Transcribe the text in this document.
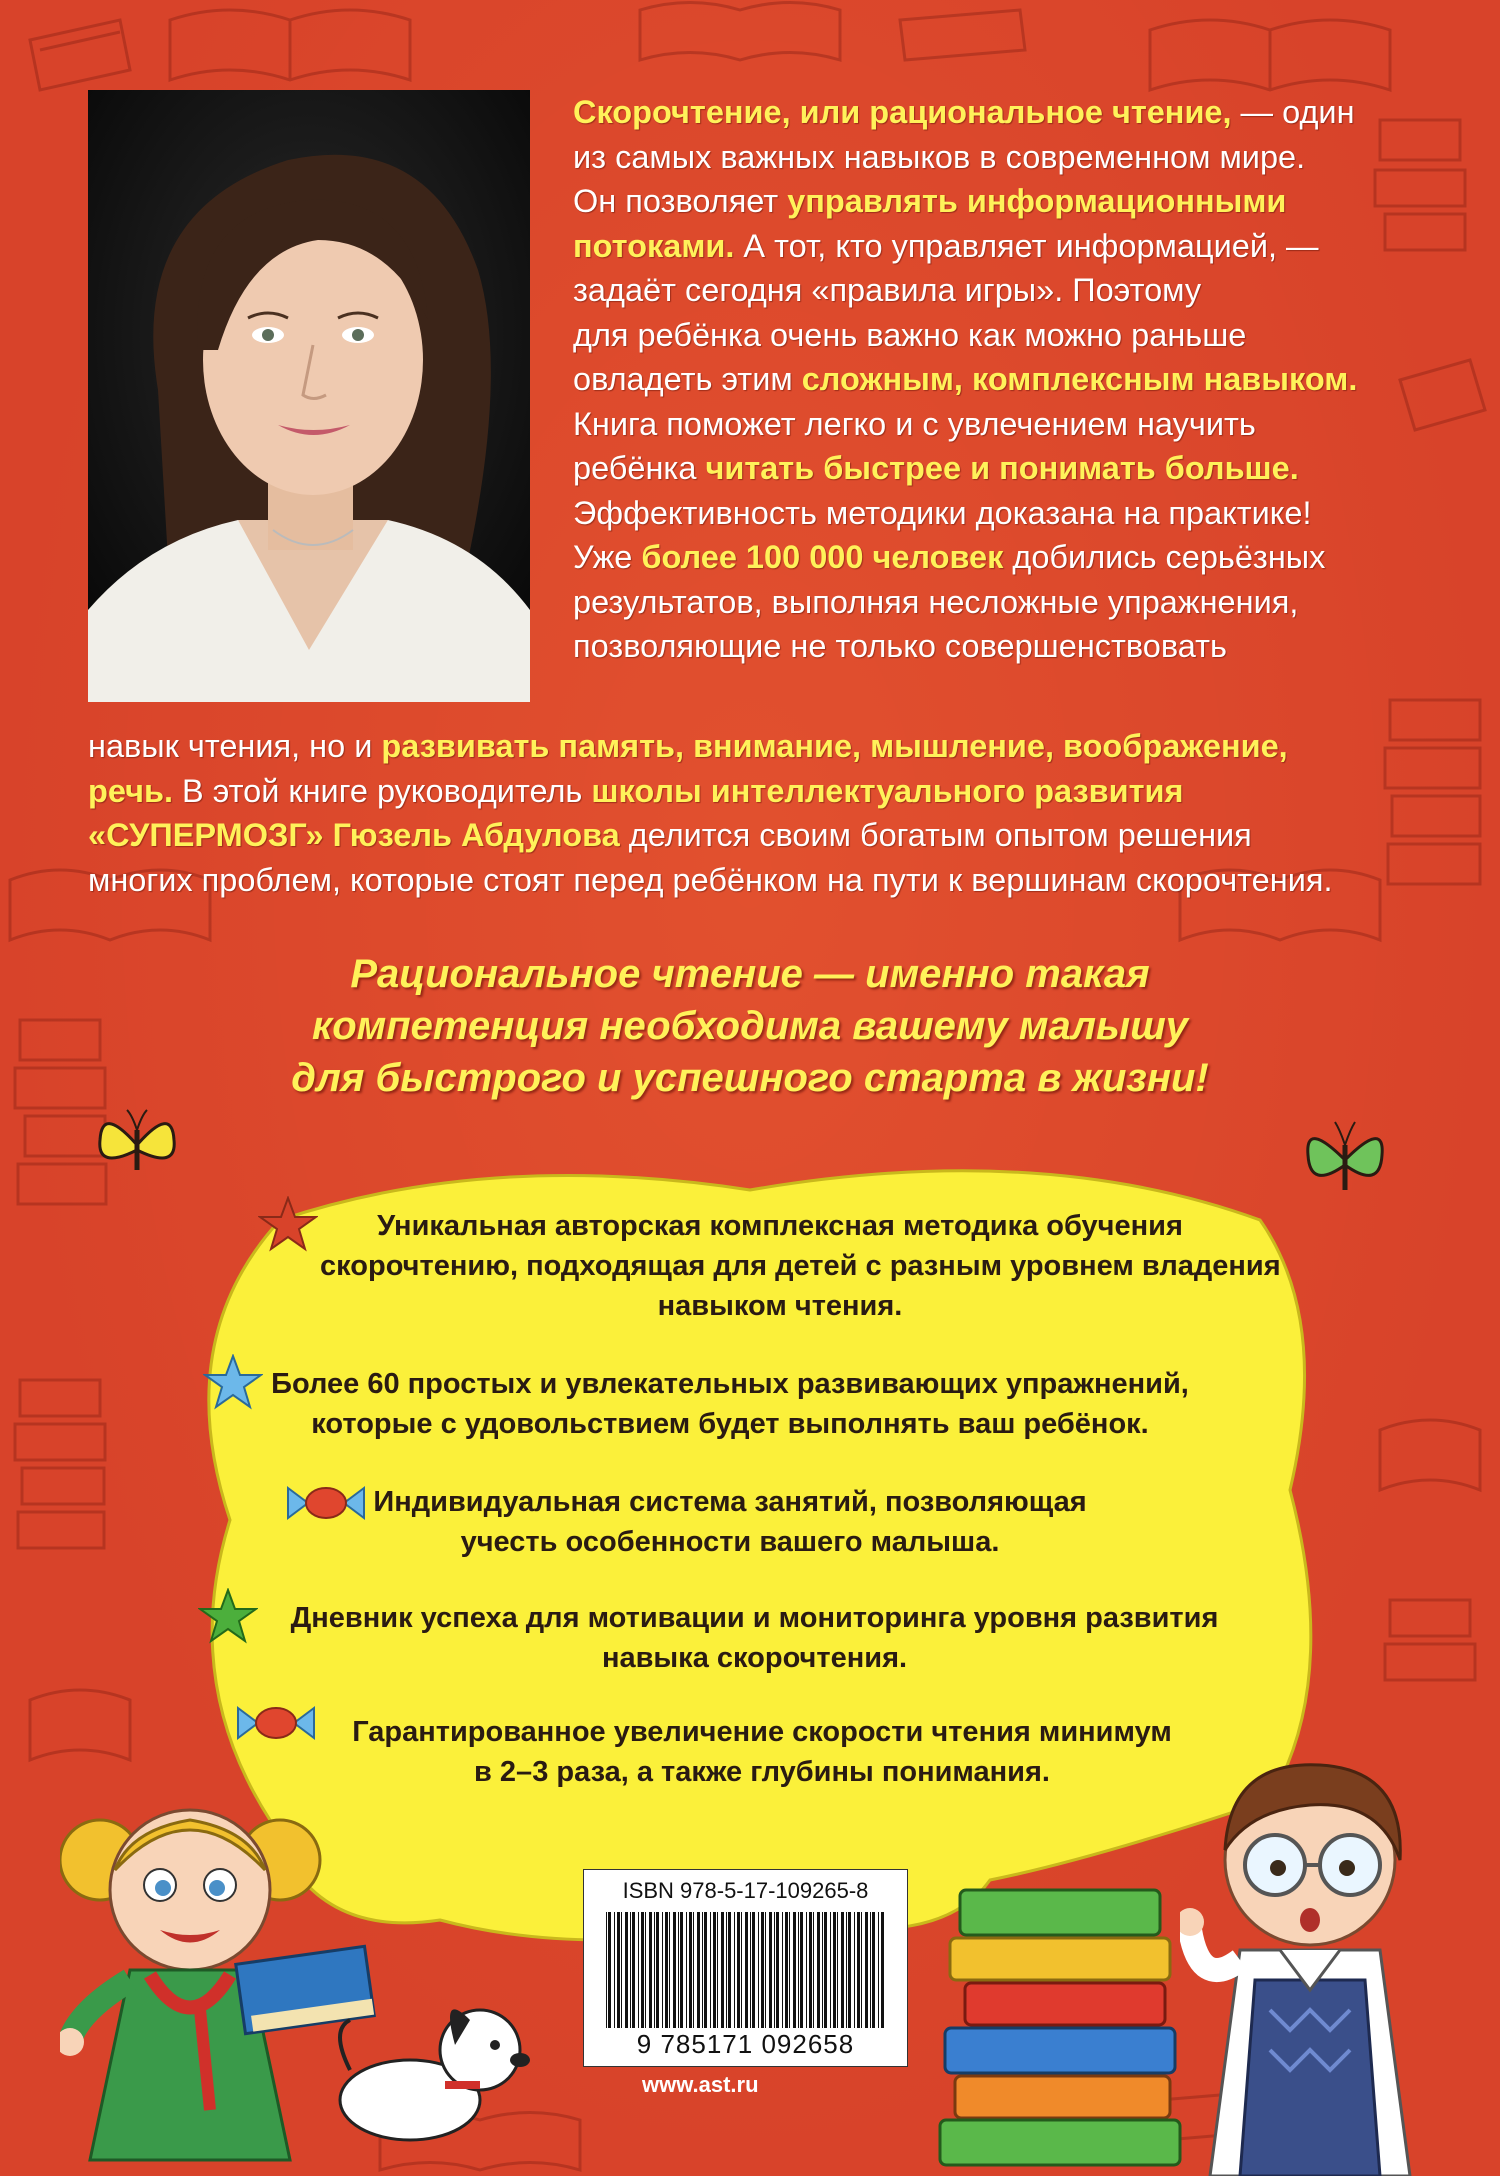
Скорочтение, или рациональное чтение, — один
из самых важных навыков в современном мире.
Он позволяет управлять информационными
потоками. А тот, кто управляет информацией, —
задаёт сегодня «правила игры». Поэтому
для ребёнка очень важно как можно раньше
овладеть этим сложным, комплексным навыком.
Книга поможет легко и с увлечением научить
ребёнка читать быстрее и понимать больше.
Эффективность методики доказана на практике!
Уже более 100 000 человек добились серьёзных
результатов, выполняя несложные упражнения,
позволяющие не только совершенствовать
навык чтения, но и развивать память, внимание, мышление, воображение,
речь. В этой книге руководитель школы интеллектуального развития
«СУПЕРМОЗГ» Гюзель Абдулова делится своим богатым опытом решения
многих проблем, которые стоят перед ребёнком на пути к вершинам скорочтения.
Рациональное чтение — именно такая
компетенция необходима вашему малышу
для быстрого и успешного старта в жизни!
Уникальная авторская комплексная методика обучения
скорочтению, подходящая для детей с разным уровнем владения
навыком чтения.
Более 60 простых и увлекательных развивающих упражнений,
которые с удовольствием будет выполнять ваш ребёнок.
Индивидуальная система занятий, позволяющая
учесть особенности вашего малыша.
Дневник успеха для мотивации и мониторинга уровня развития
навыка скорочтения.
Гарантированное увеличение скорости чтения минимум
в 2–3 раза, а также глубины понимания.
ISBN 978-5-17-109265-8
9 785171 092658
www.ast.ru
